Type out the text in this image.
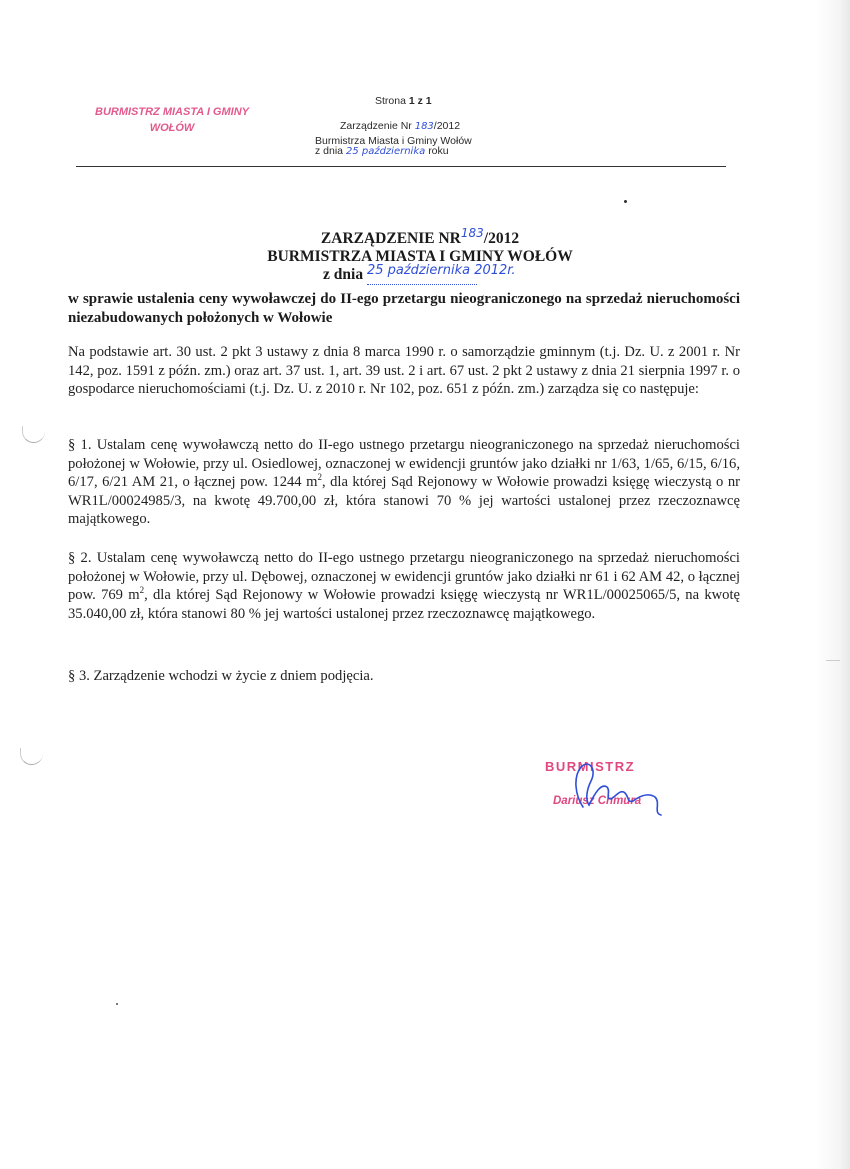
BURMISTRZ MIASTA I GMINY
WOŁÓW
Strona 1 z 1
Zarządzenie Nr 183/2012
Burmistrza Miasta i Gminy Wołów
z dnia 25 października roku
ZARZĄDZENIE NR$^{183}$/2012
BURMISTRZA MIASTA I GMINY WOŁÓW
z dnia 25 października 2012r.

w sprawie ustalenia ceny wywoławczej do II-ego przetargu nieograniczonego na sprzedaż nieruchomości niezabudowanych położonych w Wołowie
Na podstawie art. 30 ust. 2 pkt 3 ustawy z dnia 8 marca 1990 r. o samorządzie gminnym (t.j. Dz. U. z 2001 r. Nr 142, poz. 1591 z późn. zm.) oraz art. 37 ust. 1, art. 39 ust. 2 i art. 67 ust. 2 pkt 2 ustawy z dnia 21 sierpnia 1997 r. o gospodarce nieruchomościami (t.j. Dz. U. z 2010 r. Nr 102, poz. 651 z późn. zm.) zarządza się co następuje:
§ 1. Ustalam cenę wywoławczą netto do II-ego ustnego przetargu nieograniczonego na sprzedaż nieruchomości położonej w Wołowie, przy ul. Osiedlowej, oznaczonej w ewidencji gruntów jako działki nr 1/63, 1/65, 6/15, 6/16, 6/17, 6/21 AM 21, o łącznej pow. 1244 $m^2$, dla której Sąd Rejonowy w Wołowie prowadzi księgę wieczystą o nr WR1L/00024985/3, na kwotę 49.700,00 zł, która stanowi 70 % jej wartości ustalonej przez rzeczoznawcę majątkowego.
§ 2. Ustalam cenę wywoławczą netto do II-ego ustnego przetargu nieograniczonego na sprzedaż nieruchomości położonej w Wołowie, przy ul. Dębowej, oznaczonej w ewidencji gruntów jako działki nr 61 i 62 AM 42, o łącznej pow. 769 $m^2$, dla której Sąd Rejonowy w Wołowie prowadzi księgę wieczystą nr WR1L/00025065/5, na kwotę 35.040,00 zł, która stanowi 80 % jej wartości ustalonej przez rzeczoznawcę majątkowego.
§ 3. Zarządzenie wchodzi w życie z dniem podjęcia.
BURMISTRZ
Dariusz Chmura
